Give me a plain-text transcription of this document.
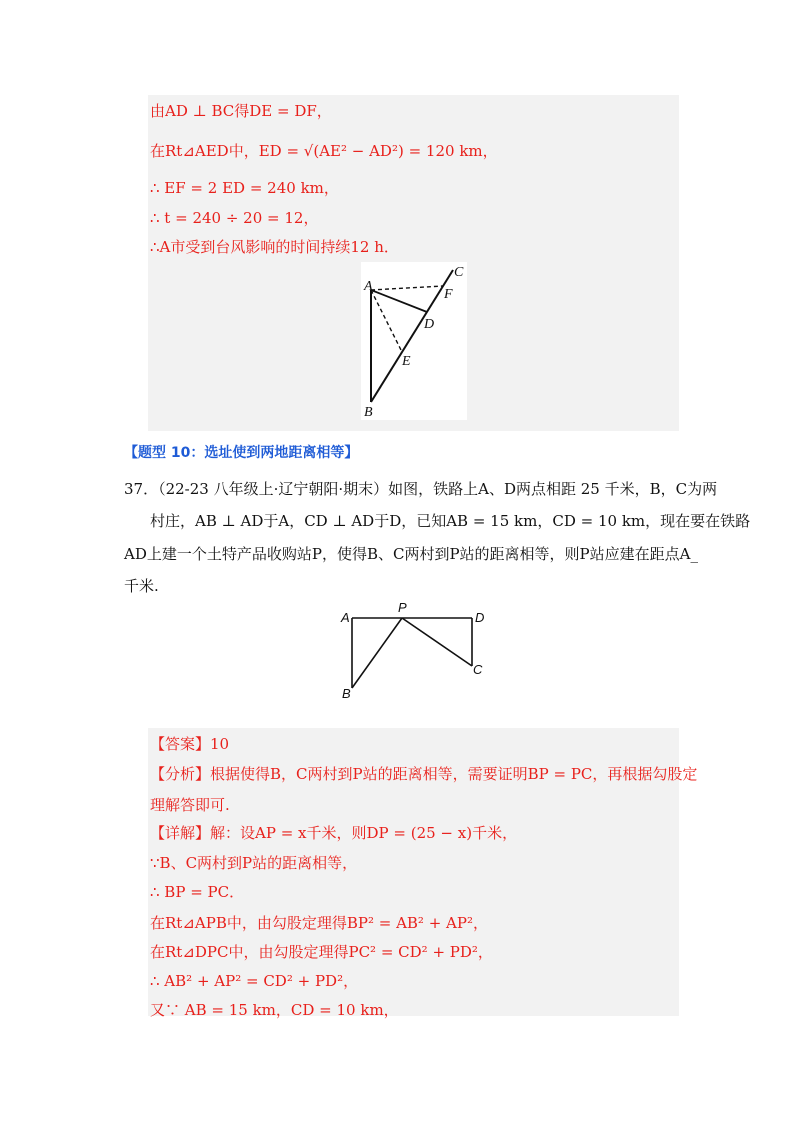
由AD ⊥ BC得DE = DF，
在Rt⊿AED中，ED = √(AE² − AD²) = 120 km，
∴ EF = 2 ED = 240 km，
∴ t = 240 ÷ 20 = 12，
∴A市受到台风影响的时间持续12 h．
A
B
C
D
E
F
【题型 10：选址使到两地距离相等】
37．（22-23 八年级上·辽宁朝阳·期末）如图，铁路上A、D两点相距 25 千米，B，C为两
村庄，AB ⊥ AD于A，CD ⊥ AD于D，已知AB = 15 km，CD = 10 km，现在要在铁路
AD上建一个土特产品收购站P，使得B、C两村到P站的距离相等，则P站应建在距点A_
千米.
A
P
D
B
C
【答案】10
【分析】根据使得B，C两村到P站的距离相等，需要证明BP = PC，再根据勾股定
理解答即可.
【详解】解：设AP = x千米，则DP = (25 − x)千米，
∵B、C两村到P站的距离相等，
∴ BP = PC．
在Rt⊿APB中，由勾股定理得BP² = AB² + AP²，
在Rt⊿DPC中，由勾股定理得PC² = CD² + PD²，
∴ AB² + AP² = CD² + PD²，
又∵ AB = 15 km，CD = 10 km，
